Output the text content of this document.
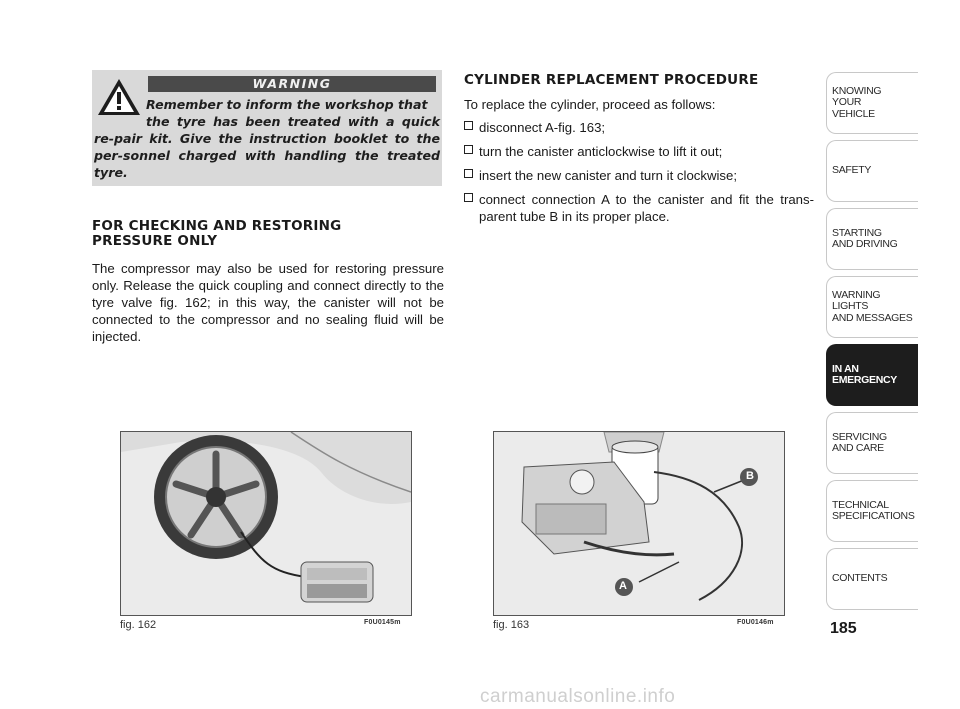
WARNING
Remember to inform the workshop that
the tyre has been treated with a quick re-pair kit. Give the instruction booklet to the per-sonnel charged with handling the treated tyre.
FOR CHECKING AND RESTORING
PRESSURE ONLY
The compressor may also be used for restoring pressure only. Release the quick coupling and connect directly to the tyre valve fig. 162; in this way, the canister will not be connected to the compressor and no sealing fluid will be injected.
CYLINDER REPLACEMENT PROCEDURE
To replace the cylinder, proceed as follows:
disconnect A-fig. 163;
turn the canister anticlockwise to lift it out;
insert the new canister and turn it clockwise;
connect connection A to the canister and fit the trans-parent tube B in its proper place.
fig. 162	F0U0145m
B
A
fig. 163	F0U0146m	185
KNOWING
YOUR
VEHICLE
SAFETY
STARTING
AND DRIVING
WARNING LIGHTS
AND MESSAGES
IN AN
EMERGENCY
SERVICING
AND CARE
TECHNICAL
SPECIFICATIONS
CONTENTS
carmanualsonline.info
